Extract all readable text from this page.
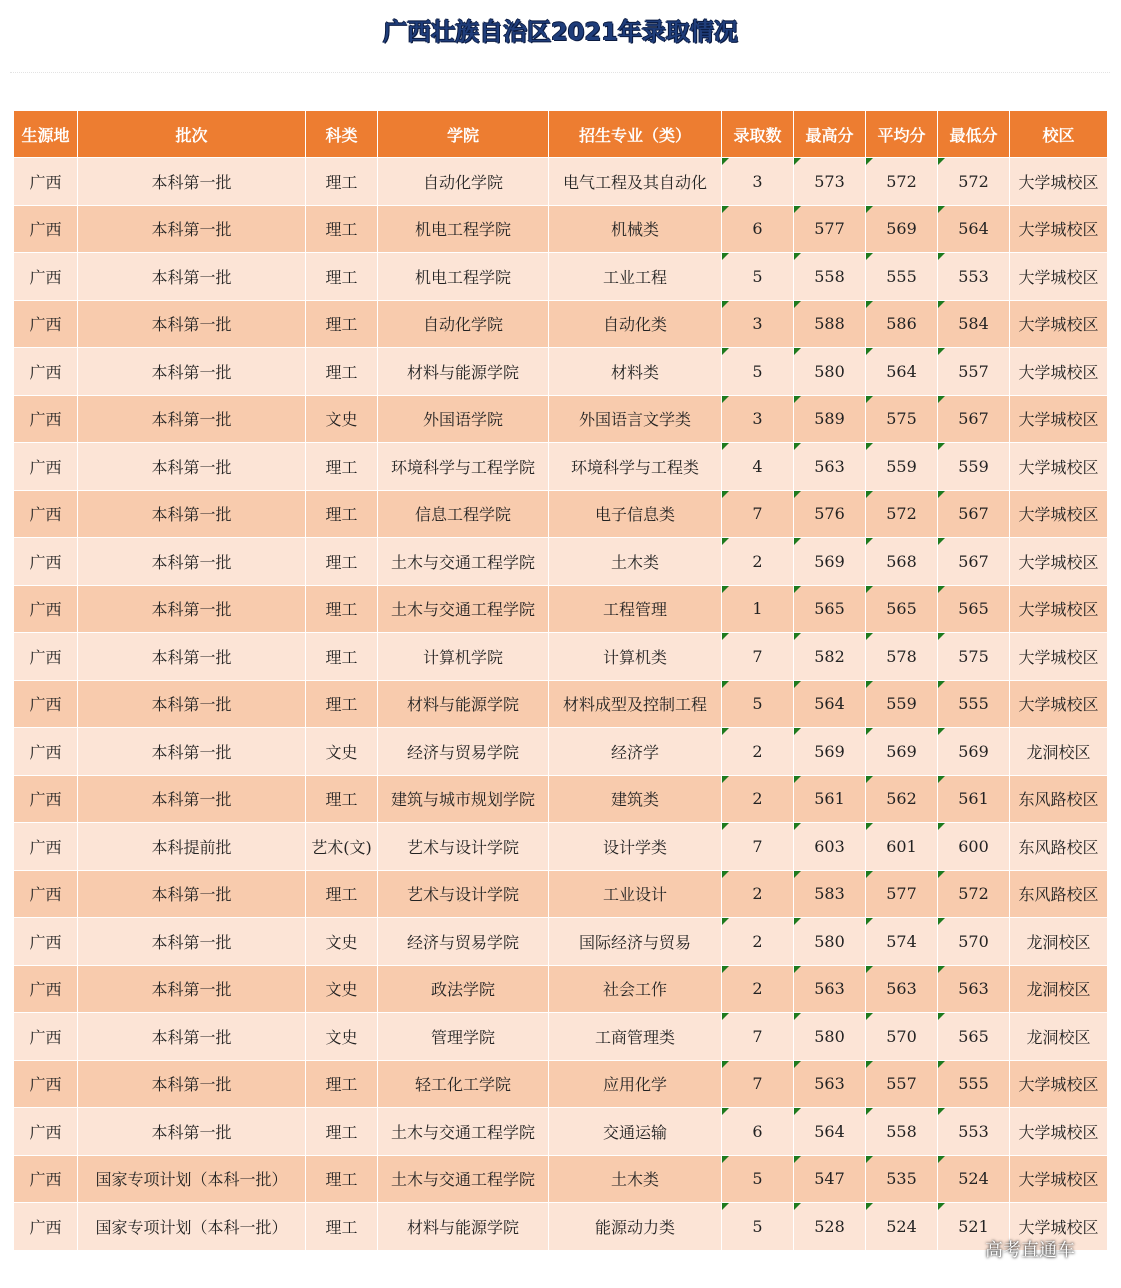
广西壮族自治区2021年录取情况
生源地	批次	科类	学院	招生专业（类）	录取数	最高分	平均分	最低分	校区
广西	本科第一批	理工	自动化学院	电气工程及其自动化	3	573	572	572	大学城校区
广西	本科第一批	理工	机电工程学院	机械类	6	577	569	564	大学城校区
广西	本科第一批	理工	机电工程学院	工业工程	5	558	555	553	大学城校区
广西	本科第一批	理工	自动化学院	自动化类	3	588	586	584	大学城校区
广西	本科第一批	理工	材料与能源学院	材料类	5	580	564	557	大学城校区
广西	本科第一批	文史	外国语学院	外国语言文学类	3	589	575	567	大学城校区
广西	本科第一批	理工	环境科学与工程学院	环境科学与工程类	4	563	559	559	大学城校区
广西	本科第一批	理工	信息工程学院	电子信息类	7	576	572	567	大学城校区
广西	本科第一批	理工	土木与交通工程学院	土木类	2	569	568	567	大学城校区
广西	本科第一批	理工	土木与交通工程学院	工程管理	1	565	565	565	大学城校区
广西	本科第一批	理工	计算机学院	计算机类	7	582	578	575	大学城校区
广西	本科第一批	理工	材料与能源学院	材料成型及控制工程	5	564	559	555	大学城校区
广西	本科第一批	文史	经济与贸易学院	经济学	2	569	569	569	龙洞校区
广西	本科第一批	理工	建筑与城市规划学院	建筑类	2	561	562	561	东风路校区
广西	本科提前批	艺术(文)	艺术与设计学院	设计学类	7	603	601	600	东风路校区
广西	本科第一批	理工	艺术与设计学院	工业设计	2	583	577	572	东风路校区
广西	本科第一批	文史	经济与贸易学院	国际经济与贸易	2	580	574	570	龙洞校区
广西	本科第一批	文史	政法学院	社会工作	2	563	563	563	龙洞校区
广西	本科第一批	文史	管理学院	工商管理类	7	580	570	565	龙洞校区
广西	本科第一批	理工	轻工化工学院	应用化学	7	563	557	555	大学城校区
广西	本科第一批	理工	土木与交通工程学院	交通运输	6	564	558	553	大学城校区
广西	国家专项计划（本科一批）	理工	土木与交通工程学院	土木类	5	547	535	524	大学城校区
广西	国家专项计划（本科一批）	理工	材料与能源学院	能源动力类	5	528	524	521	大学城校区
高考直通车
